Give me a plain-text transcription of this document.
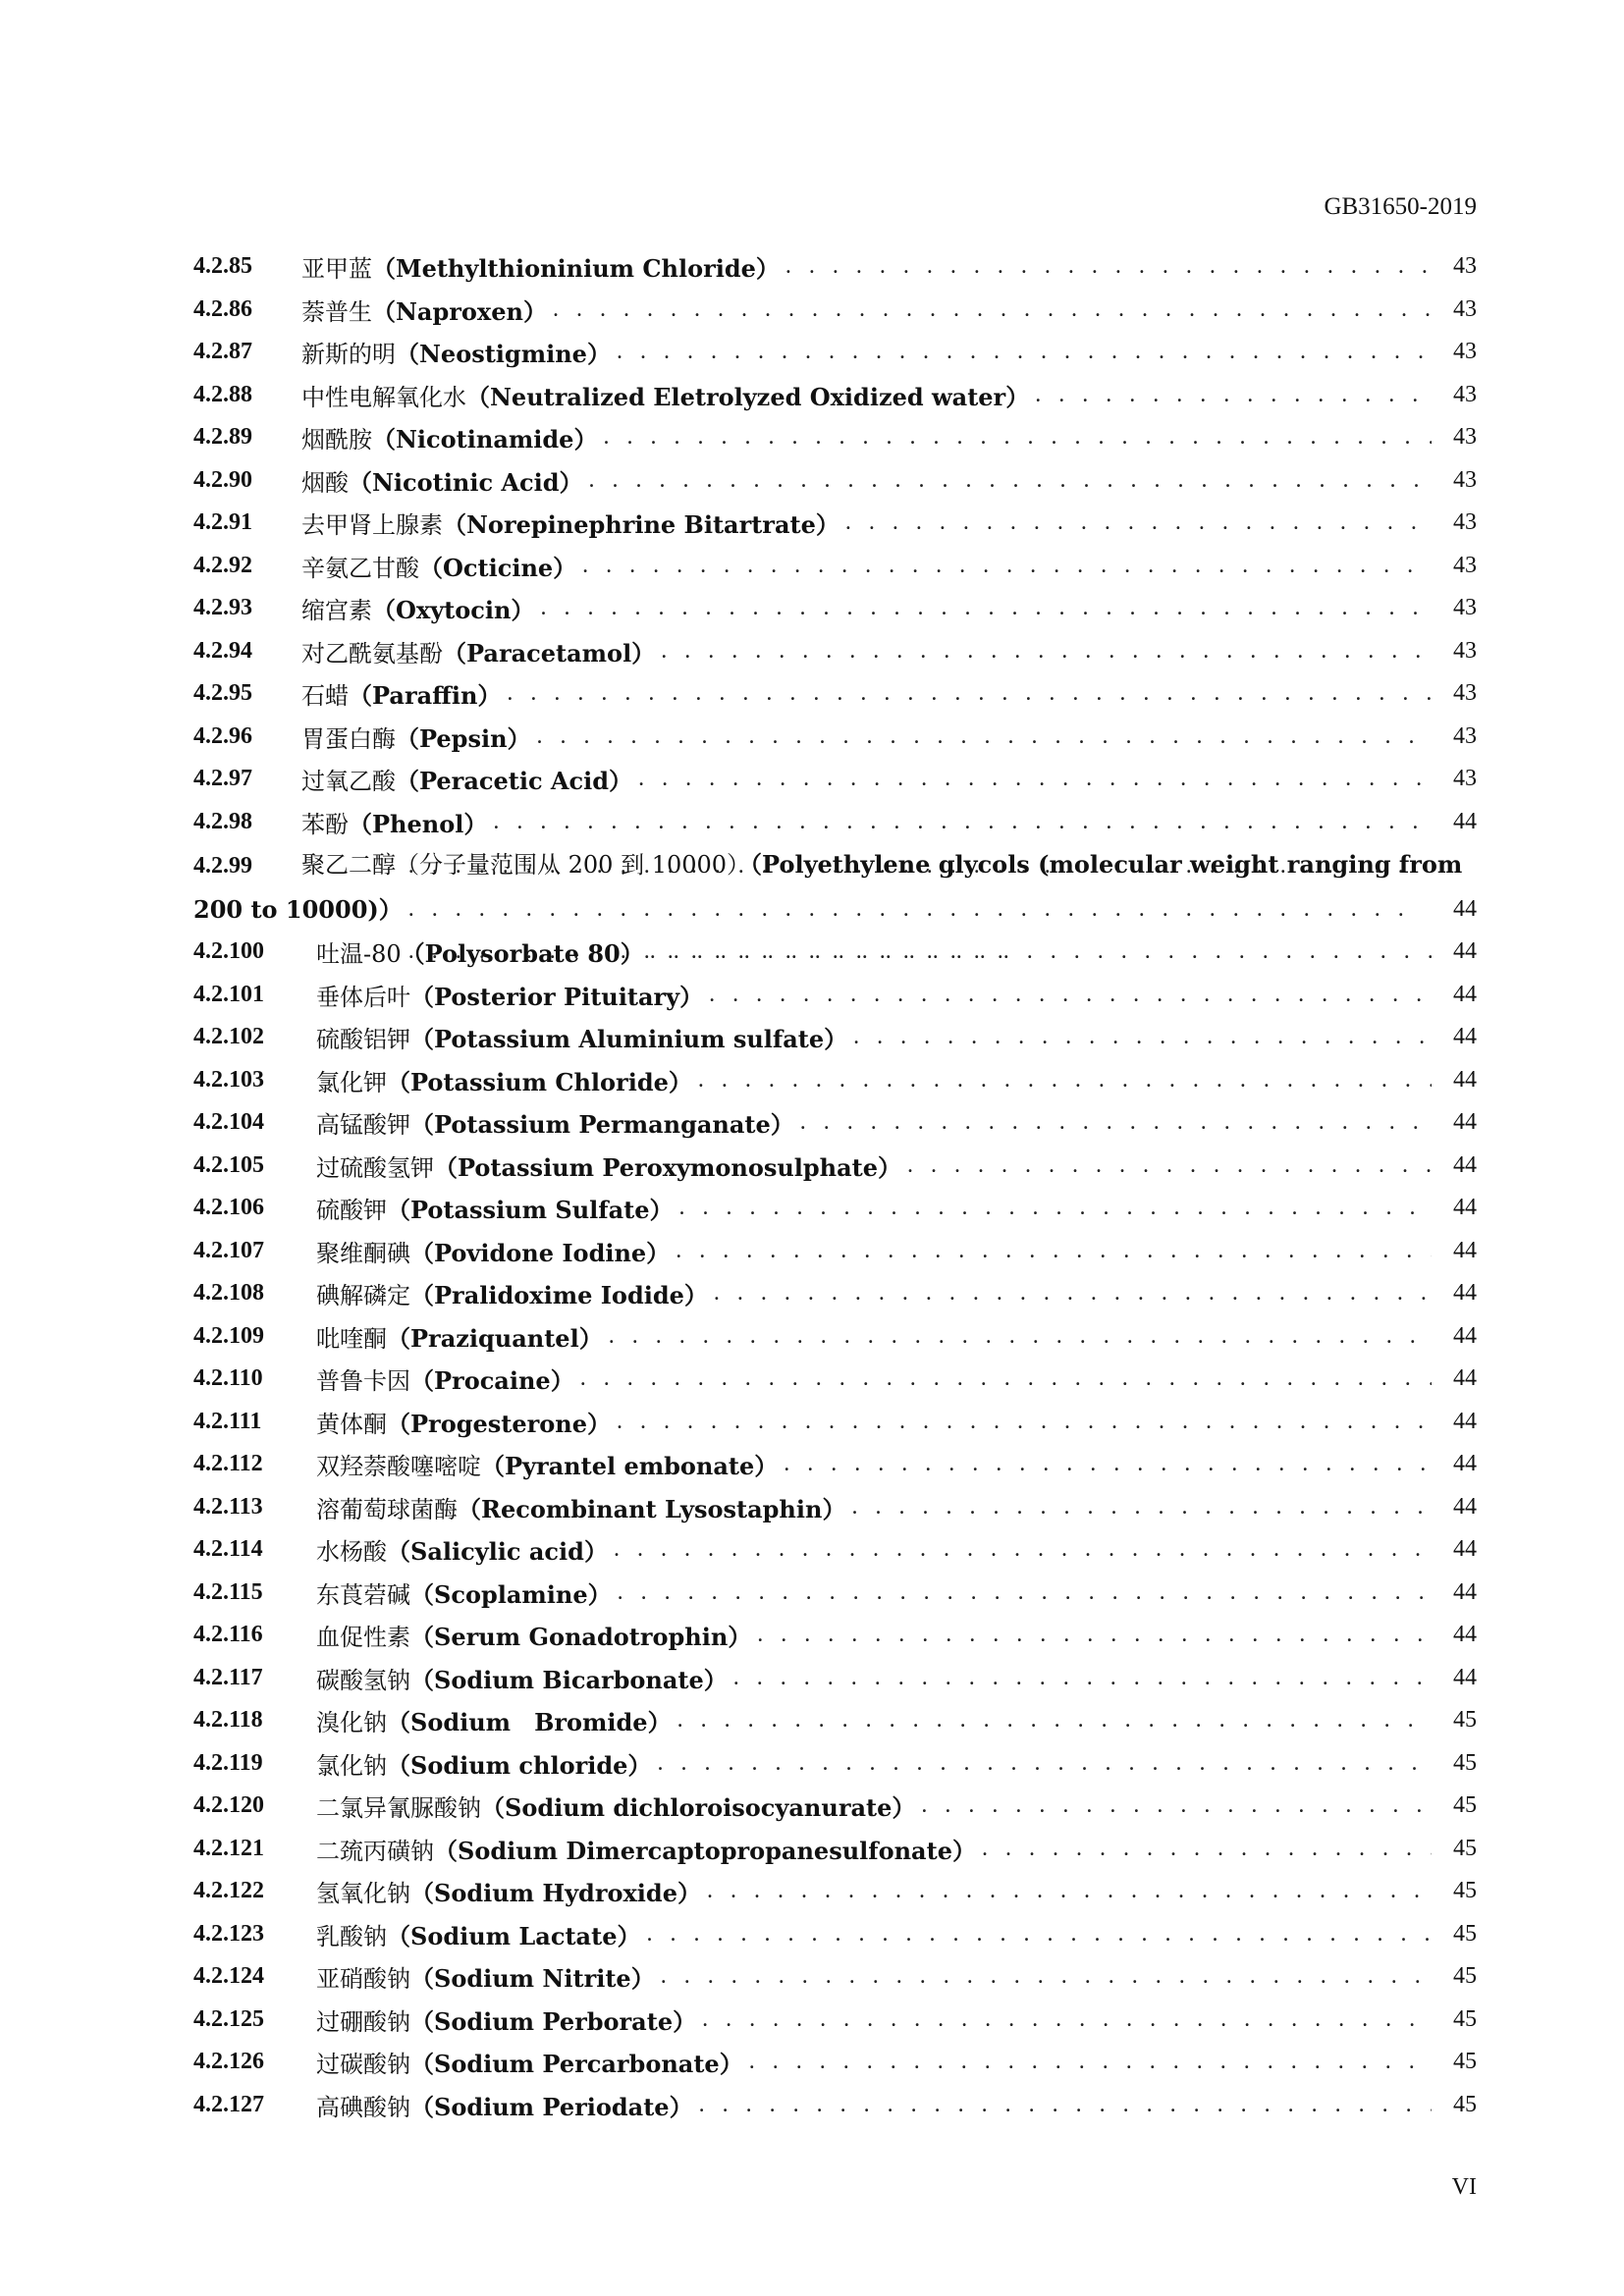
GB31650-2019
4.2.85	亚甲蓝（Methylthioninium Chloride） . . .	43
4.2.86	萘普生（Naproxen） . . .	43
4.2.87	新斯的明（Neostigmine） . . .	43
4.2.88	中性电解氧化水（Neutralized Eletrolyzed Oxidized water） . . .	43
4.2.89	烟酰胺（Nicotinamide） . . .	43
4.2.90	烟酸（Nicotinic Acid） . . .	43
4.2.91	去甲肾上腺素（Norepinephrine Bitartrate） . . .	43
4.2.92	辛氨乙甘酸（Octicine） . . .	43
4.2.93	缩宫素（Oxytocin） . . .	43
4.2.94	对乙酰氨基酚（Paracetamol） . . .	43
4.2.95	石蜡（Paraffin） . . .	43
4.2.96	胃蛋白酶（Pepsin） . . .	43
4.2.97	过氧乙酸（Peracetic Acid） . . .	43
4.2.98	苯酚（Phenol） . . .	44
4.2.99 聚乙二醇（分子量范围从 200 到 10000）（Polyethylene glycols (molecular weight ranging from
200 to 10000)） . . .	44
4.2.100	吐温-80（Polysorbate 80） . . .	44
4.2.101	垂体后叶（Posterior Pituitary） . . .	44
4.2.102	硫酸铝钾（Potassium Aluminium sulfate） . . .	44
4.2.103	氯化钾（Potassium Chloride） . . .	44
4.2.104	高锰酸钾（Potassium Permanganate） . . .	44
4.2.105	过硫酸氢钾（Potassium Peroxymonosulphate） . . .	44
4.2.106	硫酸钾（Potassium Sulfate） . . .	44
4.2.107	聚维酮碘（Povidone Iodine） . . .	44
4.2.108	碘解磷定（Pralidoxime Iodide） . . .	44
4.2.109	吡喹酮（Praziquantel） . . .	44
4.2.110	普鲁卡因（Procaine） . . .	44
4.2.111	黄体酮（Progesterone） . . .	44
4.2.112	双羟萘酸噻嘧啶（Pyrantel embonate） . . .	44
4.2.113	溶葡萄球菌酶（Recombinant Lysostaphin） . . .	44
4.2.114	水杨酸（Salicylic acid） . . .	44
4.2.115	东莨菪碱（Scoplamine） . . .	44
4.2.116	血促性素（Serum Gonadotrophin） . . .	44
4.2.117	碳酸氢钠（Sodium Bicarbonate） . . .	44
4.2.118	溴化钠（Sodium　Bromide） . . .	45
4.2.119	氯化钠（Sodium chloride） . . .	45
4.2.120	二氯异氰脲酸钠（Sodium dichloroisocyanurate） . . .	45
4.2.121	二巯丙磺钠（Sodium Dimercaptopropanesulfonate） . . .	45
4.2.122	氢氧化钠（Sodium Hydroxide） . . .	45
4.2.123	乳酸钠（Sodium Lactate） . . .	45
4.2.124	亚硝酸钠（Sodium Nitrite） . . .	45
4.2.125	过硼酸钠（Sodium Perborate） . . .	45
4.2.126	过碳酸钠（Sodium Percarbonate） . . .	45
4.2.127	高碘酸钠（Sodium Periodate） . . .	45
VI
